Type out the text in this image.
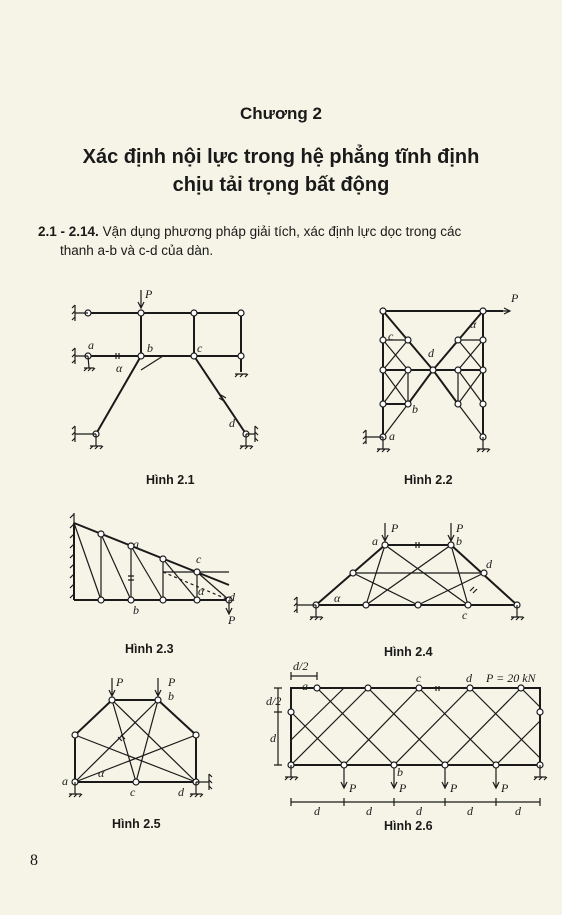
Chương 2
Xác định nội lực trong hệ phẳng tĩnh định
chịu tải trọng bất động
2.1 - 2.14. Vận dụng phương pháp giải tích, xác định lực dọc trong các
thanh a-b và c-d của dàn.
P
a	b	c
d
α
P
a
b
c
d
α
a
b
c
d
P
α
P	P
a	b
c
d
α
P	P
b
a
c	d
α
d/2
a
c	d P = 20 kN
b
P	P	P	P
d	d	d	d	d
d
d/2
Hình 2.1	Hình 2.2
Hình 2.3	Hình 2.4
Hình 2.5	Hình 2.6
8
